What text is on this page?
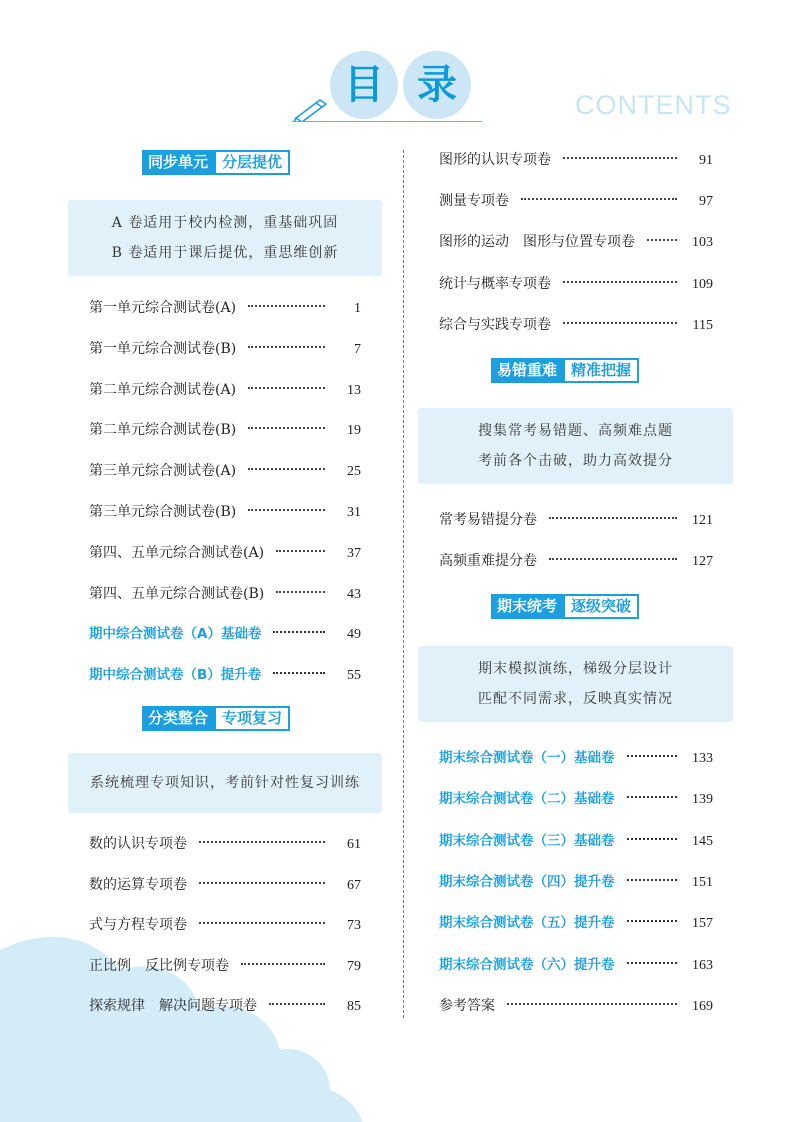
目 录	CONTENTS
同步单元 分层提优
A 卷适用于校内检测，重基础巩固
B 卷适用于课后提优，重思维创新
第一单元综合测试卷(A)	1
第一单元综合测试卷(B)	7
第二单元综合测试卷(A)	13
第二单元综合测试卷(B)	19
第三单元综合测试卷(A)	25
第三单元综合测试卷(B)	31
第四、五单元综合测试卷(A)	37
第四、五单元综合测试卷(B)	43
期中综合测试卷（A）基础卷	49
期中综合测试卷（B）提升卷	55
分类整合 专项复习
系统梳理专项知识，考前针对性复习训练
数的认识专项卷	61
数的运算专项卷	67
式与方程专项卷	73
正比例　反比例专项卷	79
探索规律　解决问题专项卷	85
图形的认识专项卷	91
测量专项卷	97
图形的运动　图形与位置专项卷	103
统计与概率专项卷	109
综合与实践专项卷	115
易错重难 精准把握
搜集常考易错题、高频难点题
考前各个击破，助力高效提分
常考易错提分卷	121
高频重难提分卷	127
期末统考 逐级突破
期末模拟演练，梯级分层设计
匹配不同需求，反映真实情况
期末综合测试卷（一）基础卷	133
期末综合测试卷（二）基础卷	139
期末综合测试卷（三）基础卷	145
期末综合测试卷（四）提升卷	151
期末综合测试卷（五）提升卷	157
期末综合测试卷（六）提升卷	163
参考答案	169
